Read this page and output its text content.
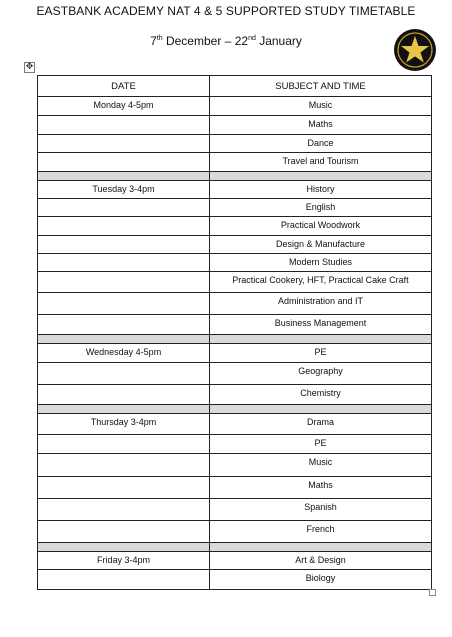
EASTBANK ACADEMY NAT 4 & 5 SUPPORTED STUDY TIMETABLE
7th December – 22nd January
✥
DATE	SUBJECT AND TIME

Monday 4-5pm	Music

	Maths

	Dance

	Travel and Tourism

Tuesday 3-4pm	History

	English

	Practical Woodwork

	Design & Manufacture

	Modern Studies

	Practical Cookery, HFT, Practical Cake Craft

	Administration and IT

	Business Management

Wednesday 4-5pm	PE

	Geography

	Chemistry

Thursday 3-4pm	Drama

	PE

	Music

	Maths

	Spanish

	French

Friday 3-4pm	Art & Design

	Biology
